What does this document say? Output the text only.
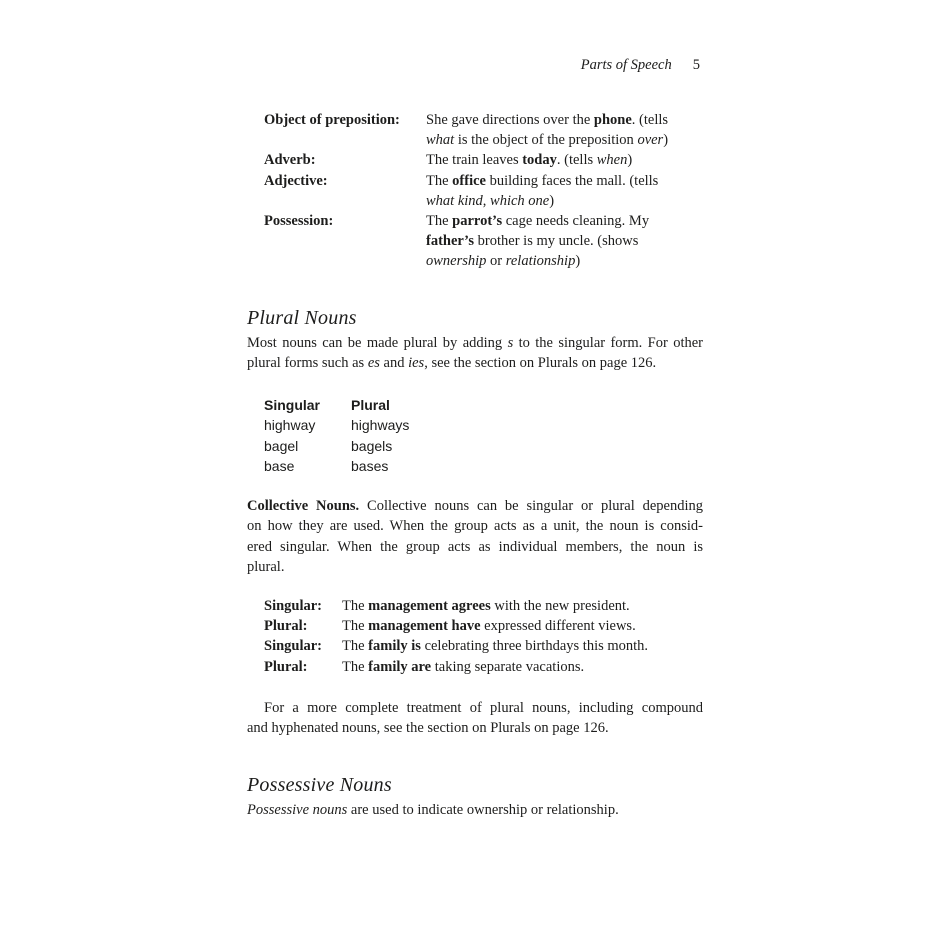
Parts of Speech 5
Object of preposition:	She gave directions over the phone. (tells
what is the object of the preposition over)
Adverb:	The train leaves today. (tells when)
Adjective:	The office building faces the mall. (tells
what kind, which one)
Possession:	The parrot’s cage needs cleaning. My
father’s brother is my uncle. (shows
ownership or relationship)
Plural Nouns
Most nouns can be made plural by adding s to the singular form. For other
plural forms such as es and ies, see the section on Plurals on page 126.
Singular	Plural
highway	highways
bagel	bagels
base	bases
Collective Nouns. Collective nouns can be singular or plural depending
on how they are used. When the group acts as a unit, the noun is consid-
ered singular. When the group acts as individual members, the noun is
plural.
Singular:	The management agrees with the new president.
Plural:	The management have expressed different views.
Singular:	The family is celebrating three birthdays this month.
Plural:	The family are taking separate vacations.
For a more complete treatment of plural nouns, including compound
and hyphenated nouns, see the section on Plurals on page 126.
Possessive Nouns
Possessive nouns are used to indicate ownership or relationship.
